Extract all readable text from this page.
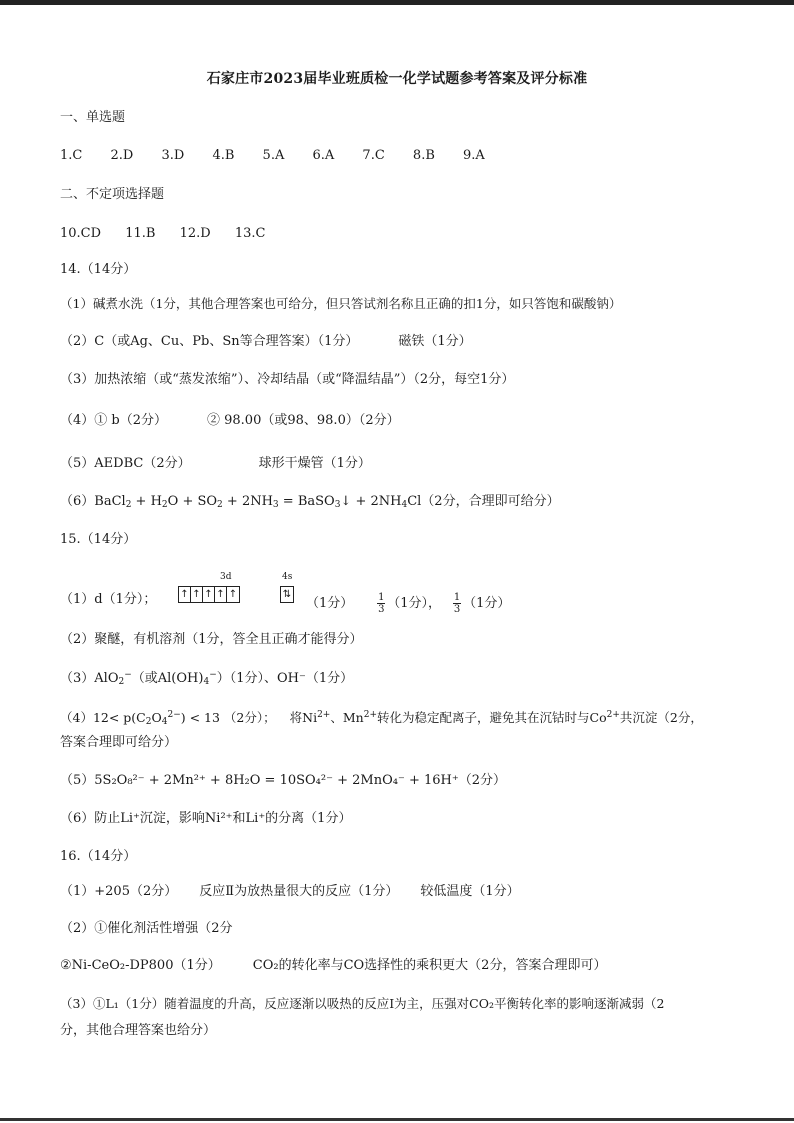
石家庄市2023届毕业班质检一化学试题参考答案及评分标准
一、单选题
1.C 2.D 3.D 4.B 5.A 6.A 7.C 8.B 9.A
二、不定项选择题
10.CD 11.B 12.D 13.C
14.（14分）
（1）碱煮水洗（1分，其他合理答案也可给分，但只答试剂名称且正确的扣1分，如只答饱和碳酸钠）
（2）C（或Ag、Cu、Pb、Sn等合理答案）（1分）	磁铁（1分）
（3）加热浓缩（或“蒸发浓缩”）、冷却结晶（或“降温结晶”）（2分，每空1分）
（4）① b（2分）	② 98.00（或98、98.0）（2分）
（5）AEDBC（2分）	球形干燥管（1分）
（6）BaCl$_2$ + $H_2O + SO_2 + 2NH_3$ = BaSO$_3$↓ + $2NH_4Cl(2$分，合理即可给分）
15.（14分）
（1）d（1分）；
3d
↑ ↑ ↑ ↑ ↑
4s
⇅
（1分） $\frac{1}{3} (1$分）， $\frac{1}{3} (1$分）
（2）聚醚，有机溶剂（1分，答全且正确才能得分）
（3）AlO$_2$−（或$Al(OH)_4^-)(1$分）、OH⁻（1分）
$(4)12< p(C_2O_4^{2-}) < 13$ （2分）； 将$Ni^{2+}$、$Mn^{2+}$转化为稳定配离子，避免其在沉钴时与$Co^{2+}$共沉淀（2分，
答案合理即可给分）
（5）5S₂O₈²⁻ + 2Mn²⁺ + 8H₂O = 10SO₄²⁻ + 2MnO₄⁻ + 16H⁺（2分）
（6）防止Li⁺沉淀，影响Ni²⁺和Li⁺的分离（1分）
16.（14分）
（1）+205（2分） 反应Ⅱ为放热量很大的反应（1分） 较低温度（1分）
（2）①催化剂活性增强（2分
②Ni-CeO₂-DP800（1分） CO₂的转化率与CO选择性的乘积更大（2分，答案合理即可）
（3）①L₁（1分）随着温度的升高，反应逐渐以吸热的反应Ⅰ为主，压强对CO₂平衡转化率的影响逐渐减弱（2
分，其他合理答案也给分）
